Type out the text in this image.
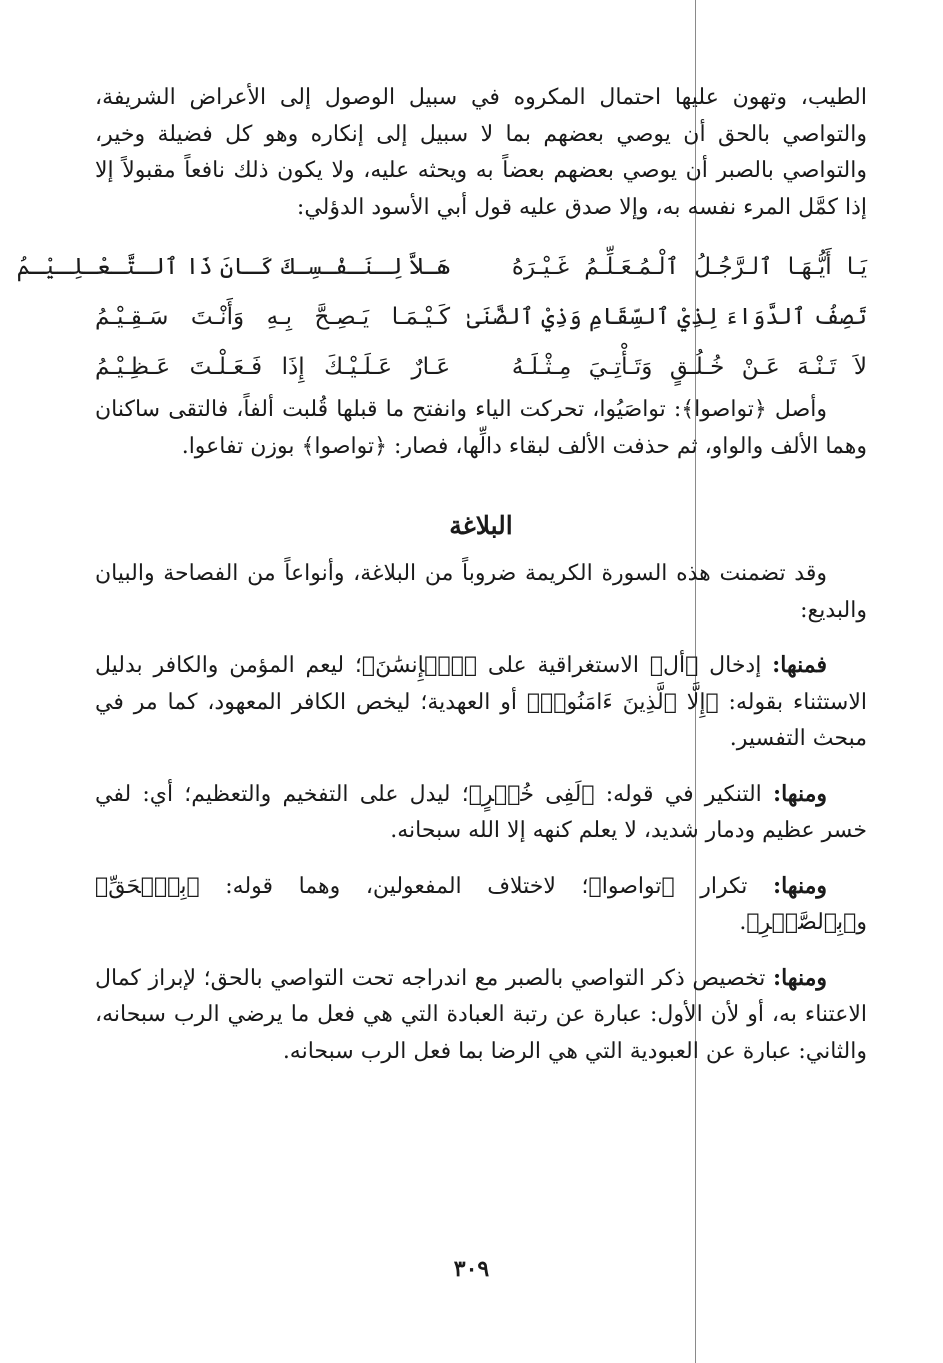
الطيب، وتهون عليها احتمال المكروه في سبيل الوصول إلى الأعراض الشريفة، والتواصي بالحق أن يوصي بعضهم بما لا سبيل إلى إنكاره وهو كل فضيلة وخير، والتواصي بالصبر أن يوصي بعضهم بعضاً به ويحثه عليه، ولا يكون ذلك نافعاً مقبولاً إلا إذا كمَّل المرء نفسه به، وإلا صدق عليه قول أبي الأسود الدؤلي:

يَـا أَيُّـهَـا ٱلـرَّجُـلُ ٱلْـمُـعَـلِّـمُ غَـيْـرَهُ
هَـلاَّ لِـنَـفْـسِـكَ كَـانَ ذَا ٱلـتَّـعْـلِـيْـمُ
تَصِفُ ٱلدَّوَاءَ لِذِيْ ٱلسِّقَامِ وَذِيْ ٱلضَّنَىٰ
كَـيْـمَـا يَـصِـحَّ بِـهِ وَأَنْـتَ سَـقِـيْـمُ
لاَ تَـنْـهَ عَـنْ خُـلُـقٍ وَتَـأْتِـيَ مِـثْـلَـهُ
عَـارٌ عَـلَـيْـكَ إِذَا فَـعَـلْـتَ عَـظِـيْـمُ

وأصل ﴿تواصوا﴾: تواصَيُوا، تحركت الياء وانفتح ما قبلها قُلبت ألفاً، فالتقى ساكنان وهما الألف والواو، ثم حذفت الألف لبقاء دالِّها، فصار: ﴿تواصوا﴾ بوزن تفاعوا.

البلاغة

وقد تضمنت هذه السورة الكريمة ضروباً من البلاغة، وأنواعاً من الفصاحة والبيان والبديع:

فمنها: إدخال ﴿أل﴾ الاستغراقية على ﴿ٱلۡإِنسَٰنَ﴾؛ ليعم المؤمن والكافر بدليل الاستثناء بقوله: ﴿إِلَّا ٱلَّذِينَ ءَامَنُوا۟﴾ أو العهدية؛ ليخص الكافر المعهود، كما مر في مبحث التفسير.

ومنها: التنكير في قوله: ﴿لَفِى خُسۡرٍ﴾؛ ليدل على التفخيم والتعظيم؛ أي: لفي خسر عظيم ودمار شديد، لا يعلم كنهه إلا الله سبحانه.

ومنها: تكرار ﴿تواصوا﴾؛ لاختلاف المفعولين، وهما قوله: ﴿بِٱلۡحَقِّ﴾ و﴿بِٱلصَّبۡرِ﴾.

ومنها: تخصيص ذكر التواصي بالصبر مع اندراجه تحت التواصي بالحق؛ لإبراز كمال الاعتناء به، أو لأن الأول: عبارة عن رتبة العبادة التي هي فعل ما يرضي الرب سبحانه، والثاني: عبارة عن العبودية التي هي الرضا بما فعل الرب سبحانه.

٣٠٩
